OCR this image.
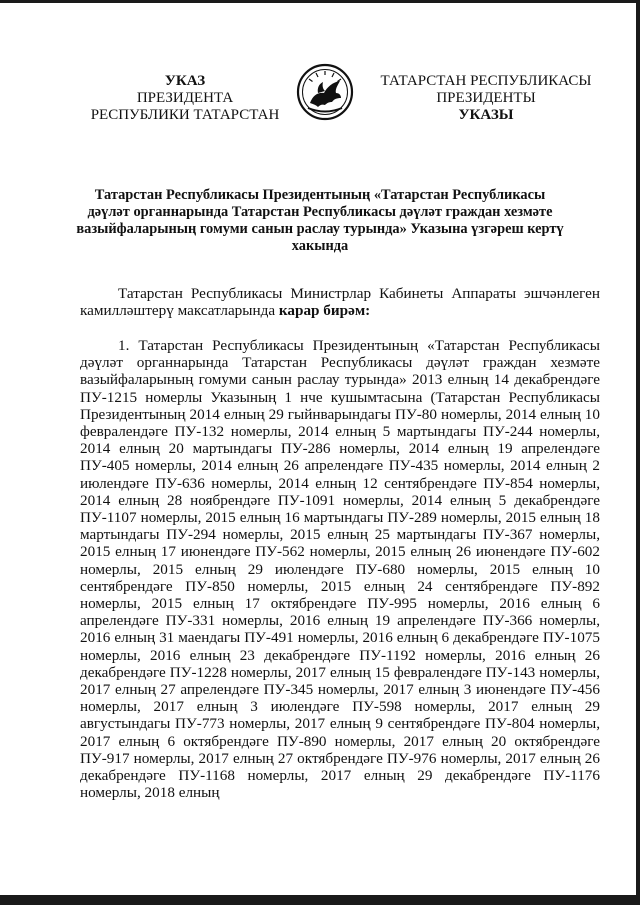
УКАЗ
ПРЕЗИДЕНТА
РЕСПУБЛИКИ ТАТАРСТАН
ТАТАРСТАН РЕСПУБЛИКАСЫ
ПРЕЗИДЕНТЫ
УКАЗЫ
Татарстан Республикасы Президентының «Татарстан Республикасы дәүләт органнарында Татарстан Республикасы дәүләт граждан хезмәте вазыйфаларының гомуми санын раслау турында» Указына үзгәреш кертү хакында

Татарстан Республикасы Министрлар Кабинеты Аппараты эшчәнлеген камилләштерү максатларында карар бирәм:

1. Татарстан Республикасы Президентының «Татарстан Республикасы дәүләт органнарында Татарстан Республикасы дәүләт граждан хезмәте вазыйфаларының гомуми санын раслау турында» 2013 елның 14 декабрендәге ПУ-1215 номерлы Указының 1 нче кушымтасына (Татарстан Республикасы Президентының 2014 елның 29 гыйнварындагы ПУ-80 номерлы, 2014 елның 10 февралендәге ПУ-132 номерлы, 2014 елның 5 мартындагы ПУ-244 номерлы, 2014 елның 20 мартындагы ПУ-286 номерлы, 2014 елның 19 апрелендәге ПУ-405 номерлы, 2014 елның 26 апрелендәге ПУ-435 номерлы, 2014 елның 2 июлендәге ПУ-636 номерлы, 2014 елның 12 сентябрендәге ПУ-854 номерлы, 2014 елның 28 ноябрендәге ПУ-1091 номерлы, 2014 елның 5 декабрендәге ПУ-1107 номерлы, 2015 елның 16 мартындагы ПУ-289 номерлы, 2015 елның 18 мартындагы ПУ-294 номерлы, 2015 елның 25 мартындагы ПУ-367 номерлы, 2015 елның 17 июнендәге ПУ-562 номерлы, 2015 елның 26 июнендәге ПУ-602 номерлы, 2015 елның 29 июлендәге ПУ-680 номерлы, 2015 елның 10 сентябрендәге ПУ-850 номерлы, 2015 елның 24 сентябрендәге ПУ-892 номерлы, 2015 елның 17 октябрендәге ПУ-995 номерлы, 2016 елның 6 апрелендәге ПУ-331 номерлы, 2016 елның 19 апрелендәге ПУ-366 номерлы, 2016 елның 31 маендагы ПУ-491 номерлы, 2016 елның 6 декабрендәге ПУ-1075 номерлы, 2016 елның 23 декабрендәге ПУ-1192 номерлы, 2016 елның 26 декабрендәге ПУ-1228 номерлы, 2017 елның 15 февралендәге ПУ-143 номерлы, 2017 елның 27 апрелендәге ПУ-345 номерлы, 2017 елның 3 июнендәге ПУ-456 номерлы, 2017 елның 3 июлендәге ПУ-598 номерлы, 2017 елның 29 августындагы ПУ-773 номерлы, 2017 елның 9 сентябрендәге ПУ-804 номерлы, 2017 елның 6 октябрендәге ПУ-890 номерлы, 2017 елның 20 октябрендәге ПУ-917 номерлы, 2017 елның 27 октябрендәге ПУ-976 номерлы, 2017 елның 26 декабрендәге ПУ-1168 номерлы, 2017 елның 29 декабрендәге ПУ-1176 номерлы, 2018 елның
